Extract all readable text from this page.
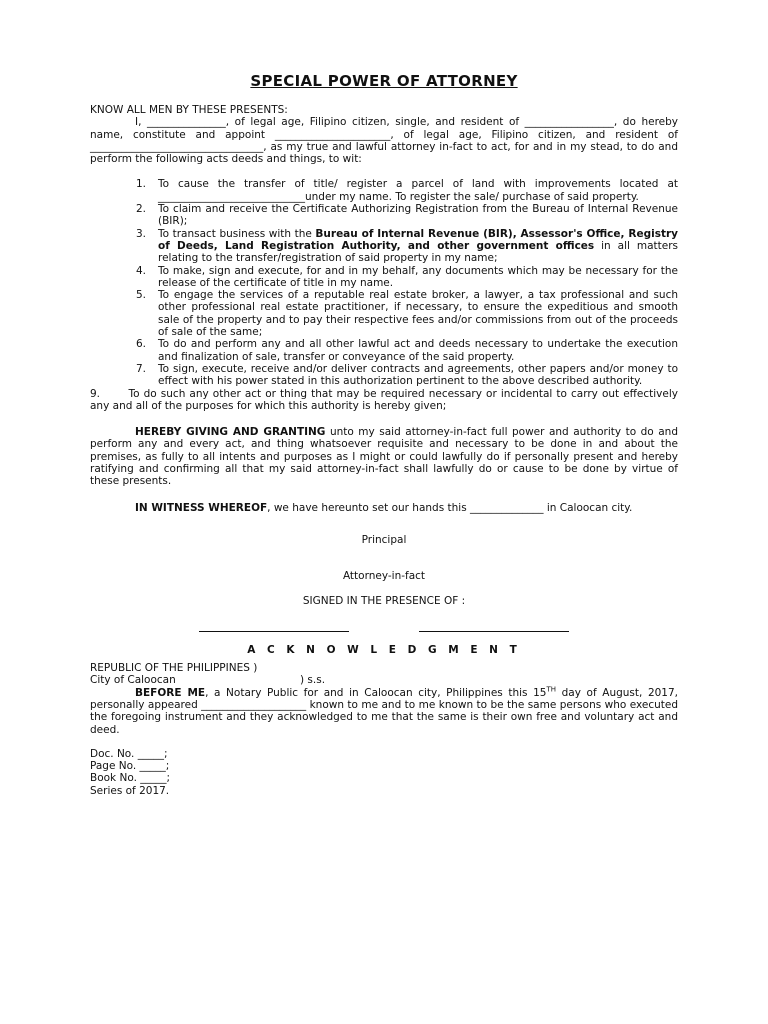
SPECIAL POWER OF ATTORNEY

KNOW ALL MEN BY THESE PRESENTS:

I, _______________, of legal age, Filipino citizen, single, and resident of _________________, do hereby name, constitute and appoint ______________________, of legal age, Filipino citizen, and resident of _________________________________, as my true and lawful attorney in-fact to act, for and in my stead, to do and perform the following acts deeds and things, to wit:

1. To cause the transfer of title/ register a parcel of land with improvements located at ____________________________under my name. To register the sale/ purchase of said property.
2. To claim and receive the Certificate Authorizing Registration from the Bureau of Internal Revenue (BIR);
3. To transact business with the Bureau of Internal Revenue (BIR), Assessor's Office, Registry of Deeds, Land Registration Authority, and other government offices in all matters relating to the transfer/registration of said property in my name;
4. To make, sign and execute, for and in my behalf, any documents which may be necessary for the release of the certificate of title in my name.
5. To engage the services of a reputable real estate broker, a lawyer, a tax professional and such other professional real estate practitioner, if necessary, to ensure the expeditious and smooth sale of the property and to pay their respective fees and/or commissions from out of the proceeds of sale of the same;
6. To do and perform any and all other lawful act and deeds necessary to undertake the execution and finalization of sale, transfer or conveyance of the said property.
7. To sign, execute, receive and/or deliver contracts and agreements, other papers and/or money to effect with his power stated in this authorization pertinent to the above described authority.

9.	To do such any other act or thing that may be required necessary or incidental to carry out effectively any and all of the purposes for which this authority is hereby given;

HEREBY GIVING AND GRANTING unto my said attorney-in-fact full power and authority to do and perform any and every act, and thing whatsoever requisite and necessary to be done in and about the premises, as fully to all intents and purposes as I might or could lawfully do if personally present and hereby ratifying and confirming all that my said attorney-in-fact shall lawfully do or cause to be done by virtue of these presents.

IN WITNESS WHEREOF, we have hereunto set our hands this ______________ in Caloocan city.

Principal
Attorney-in-fact
SIGNED IN THE PRESENCE OF :
A C K N O W L E D G M E N T
REPUBLIC OF THE PHILIPPINES )
City of Caloocan	) s.s.

BEFORE ME, a Notary Public for and in Caloocan city, Philippines this 15TH day of August, 2017, personally appeared ____________________ known to me and to me known to be the same persons who executed the foregoing instrument and they acknowledged to me that the same is their own free and voluntary act and deed.

Doc. No. _____;
Page No. _____;
Book No. _____;
Series of 2017.
